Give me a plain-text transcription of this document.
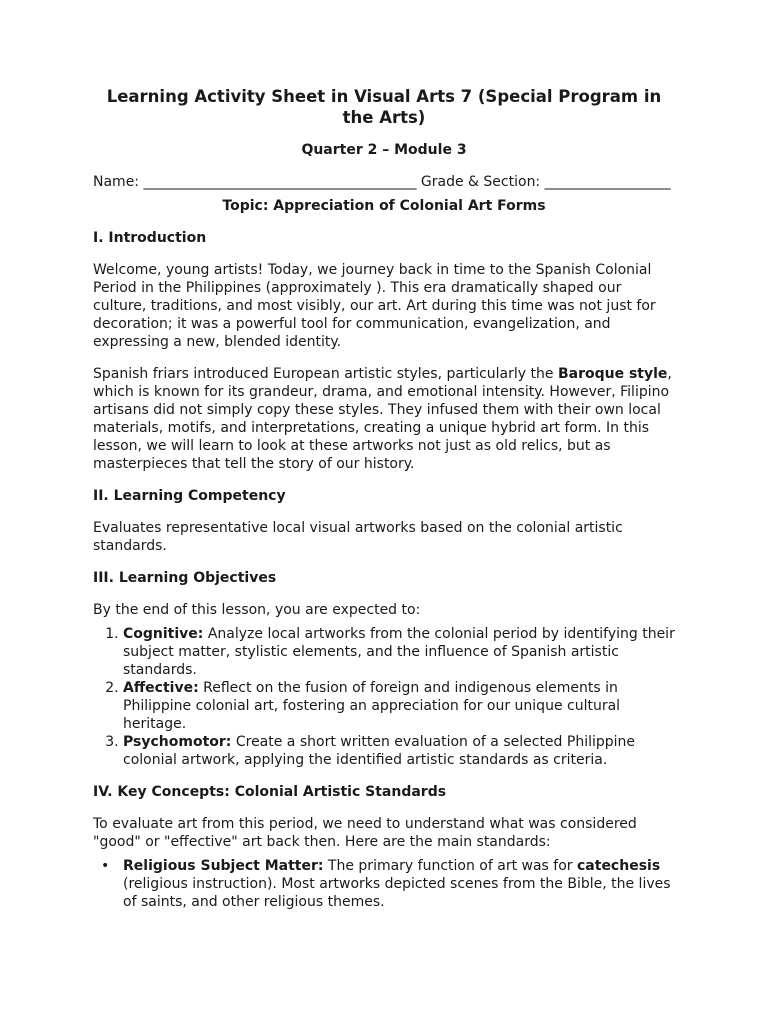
Learning Activity Sheet in Visual Arts 7 (Special Program in the Arts)
Quarter 2 – Module 3
Name: _______________________________________ Grade & Section: __________________
Topic: Appreciation of Colonial Art Forms
I. Introduction

Welcome, young artists! Today, we journey back in time to the Spanish Colonial Period in the Philippines (approximately ). This era dramatically shaped our culture, traditions, and most visibly, our art. Art during this time was not just for decoration; it was a powerful tool for communication, evangelization, and expressing a new, blended identity.

Spanish friars introduced European artistic styles, particularly the Baroque style, which is known for its grandeur, drama, and emotional intensity. However, Filipino artisans did not simply copy these styles. They infused them with their own local materials, motifs, and interpretations, creating a unique hybrid art form. In this lesson, we will learn to look at these artworks not just as old relics, but as masterpieces that tell the story of our history.

II. Learning Competency

Evaluates representative local visual artworks based on the colonial artistic standards.

III. Learning Objectives

By the end of this lesson, you are expected to:

1. Cognitive: Analyze local artworks from the colonial period by identifying their subject matter, stylistic elements, and the influence of Spanish artistic standards.
2. Affective: Reflect on the fusion of foreign and indigenous elements in Philippine colonial art, fostering an appreciation for our unique cultural heritage.
3. Psychomotor: Create a short written evaluation of a selected Philippine colonial artwork, applying the identified artistic standards as criteria.
IV. Key Concepts: Colonial Artistic Standards

To evaluate art from this period, we need to understand what was considered "good" or "effective" art back then. Here are the main standards:

• Religious Subject Matter: The primary function of art was for catechesis (religious instruction). Most artworks depicted scenes from the Bible, the lives of saints, and other religious themes.
